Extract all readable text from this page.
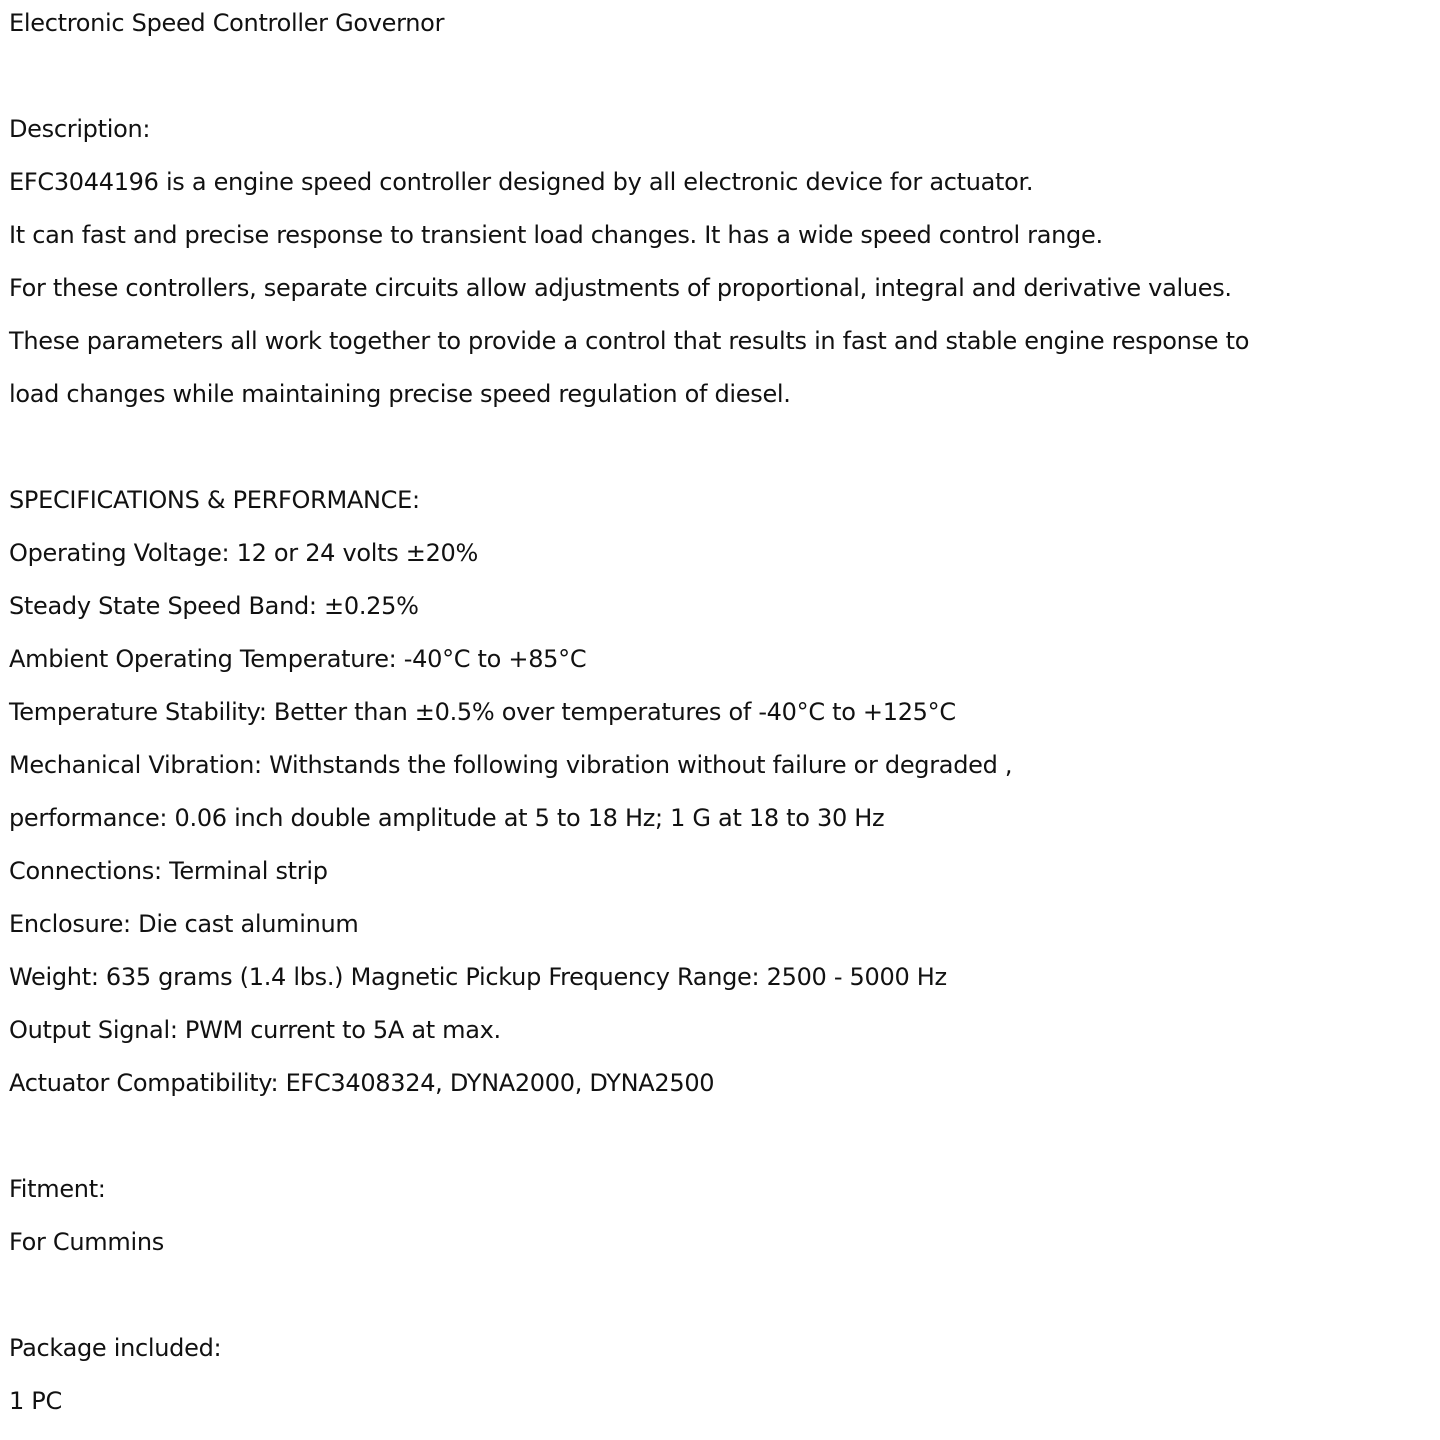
Electronic Speed Controller Governor
Description:
EFC3044196 is a engine speed controller designed by all electronic device for actuator.
It can fast and precise response to transient load changes. It has a wide speed control range.
For these controllers, separate circuits allow adjustments of proportional, integral and derivative values.
These parameters all work together to provide a control that results in fast and stable engine response to
load changes while maintaining precise speed regulation of diesel.
SPECIFICATIONS & PERFORMANCE:
Operating Voltage: 12 or 24 volts ±20%
Steady State Speed Band: ±0.25%
Ambient Operating Temperature: -40°C to +85°C
Temperature Stability: Better than ±0.5% over temperatures of -40°C to +125°C
Mechanical Vibration: Withstands the following vibration without failure or degraded ,
performance: 0.06 inch double amplitude at 5 to 18 Hz; 1 G at 18 to 30 Hz
Connections: Terminal strip
Enclosure: Die cast aluminum
Weight: 635 grams (1.4 lbs.) Magnetic Pickup Frequency Range: 2500 - 5000 Hz
Output Signal: PWM current to 5A at max.
Actuator Compatibility: EFC3408324, DYNA2000, DYNA2500
Fitment:
For Cummins
Package included:
1 PC
